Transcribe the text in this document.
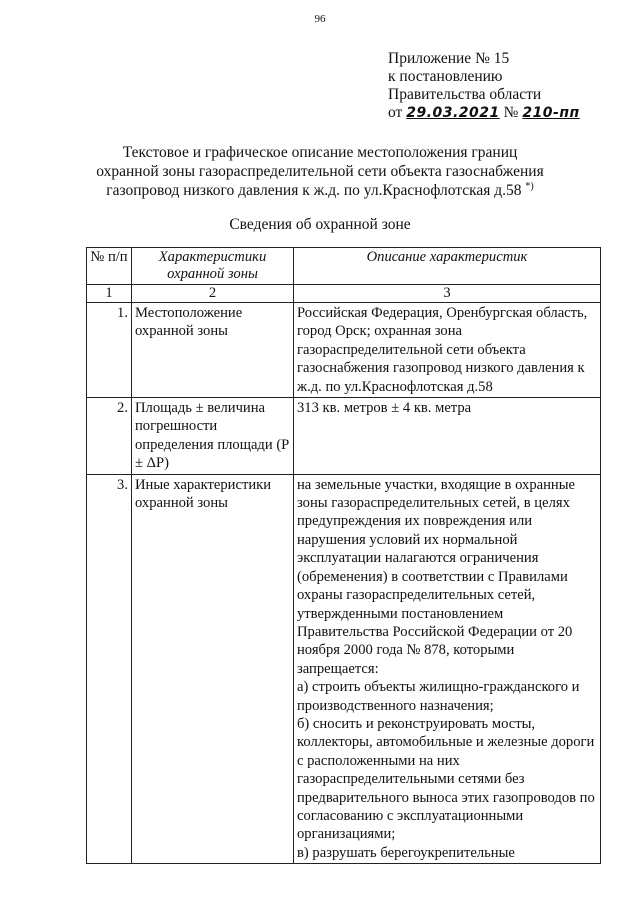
96
Приложение № 15
к постановлению
Правительства области
от 29.03.2021 № 210-пп
Текстовое и графическое описание местоположения границ
охранной зоны газораспределительной сети объекта газоснабжения
газопровод низкого давления к ж.д. по ул.Краснофлотская д.58 *)
Сведения об охранной зоне
№ п/п	Характеристики охранной зоны	Описание характеристик
1	2	3
1.	Местоположение охранной зоны	Российская Федерация, Оренбургская область, город Орск; охранная зона газораспределительной сети объекта газоснабжения газопровод низкого давления к ж.д. по ул.Краснофлотская д.58
2.	Площадь ± величина погрешности определения площади (Р ± ΔР)	313 кв. метров ± 4 кв. метра
3.	Иные характеристики охранной зоны	на земельные участки, входящие в охранные зоны газораспределительных сетей, в целях предупреждения их повреждения или нарушения условий их нормальной эксплуатации налагаются ограничения (обременения) в соответствии с Правилами охраны газораспределительных сетей, утвержденными постановлением Правительства Российской Федерации от 20 ноября 2000 года № 878, которыми запрещается:
а) строить объекты жилищно-гражданского и производственного назначения;
б) сносить и реконструировать мосты, коллекторы, автомобильные и железные дороги с расположенными на них газораспределительными сетями без предварительного выноса этих газопроводов по согласованию с эксплуатационными организациями;
в) разрушать берегоукрепительные
